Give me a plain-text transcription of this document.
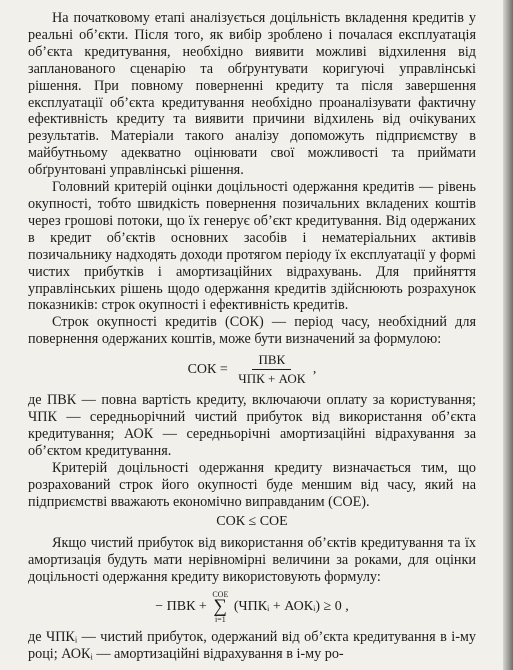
На початковому етапі аналізується доцільність вкладення кредитів у реальні об’єкти. Після того, як вибір зроблено і почалася експлуатація об’єкта кредитування, необхідно виявити можливі відхилення від запланованого сценарію та обґрунтувати коригуючі управлінські рішення. При повному поверненні кредиту та після завершення експлуатації об’єкта кредитування необхідно проаналізувати фактичну ефективність кредиту та виявити причини відхилень від очікуваних результатів. Матеріали такого аналізу допоможуть підприємству в майбутньому адекватно оцінювати свої можливості та приймати обґрунтовані управлінські рішення.

Головний критерій оцінки доцільності одержання кредитів — рівень окупності, тобто швидкість повернення позичальних вкладених коштів через грошові потоки, що їх генерує об’єкт кредитування. Від одержаних в кредит об’єктів основних засобів і нематеріальних активів позичальнику надходять доходи протягом періоду їх експлуатації у формі чистих прибутків і амортизаційних відрахувань. Для прийняття управлінських рішень щодо одержання кредитів здійснюють розрахунок показників: строк окупності і ефективність кредитів.

Строк окупності кредитів (СОК) — період часу, необхідний для повернення одержаних коштів, може бути визначений за формулою:

СОК = $\frac{\text{ПВК}}{\text{ЧПК + АОК}}$ ,

де ПВК — повна вартість кредиту, включаючи оплату за користування; ЧПК — середньорічний чистий прибуток від використання об’єкта кредитування; АОК — середньорічні амортизаційні відрахування за об’єктом кредитування.

Критерій доцільності одержання кредиту визначається тим, що розрахований строк його окупності буде меншим від часу, який на підприємстві вважають економічно виправданим (СОЕ).

СОК ≤ СОЕ

Якщо чистий прибуток від використання об’єктів кредитування та їх амортизація будуть мати нерівномірні величини за роками, для оцінки доцільності одержання кредиту використовують формулу:

− ПВК +
СОЕ
∑
і=1
(ЧПКᵢ + АОКᵢ) ≥ 0 ,

де ЧПКᵢ — чистий прибуток, одержаний від об’єкта кредитування в і-му році; АОКᵢ — амортизаційні відрахування в і-му ро-
